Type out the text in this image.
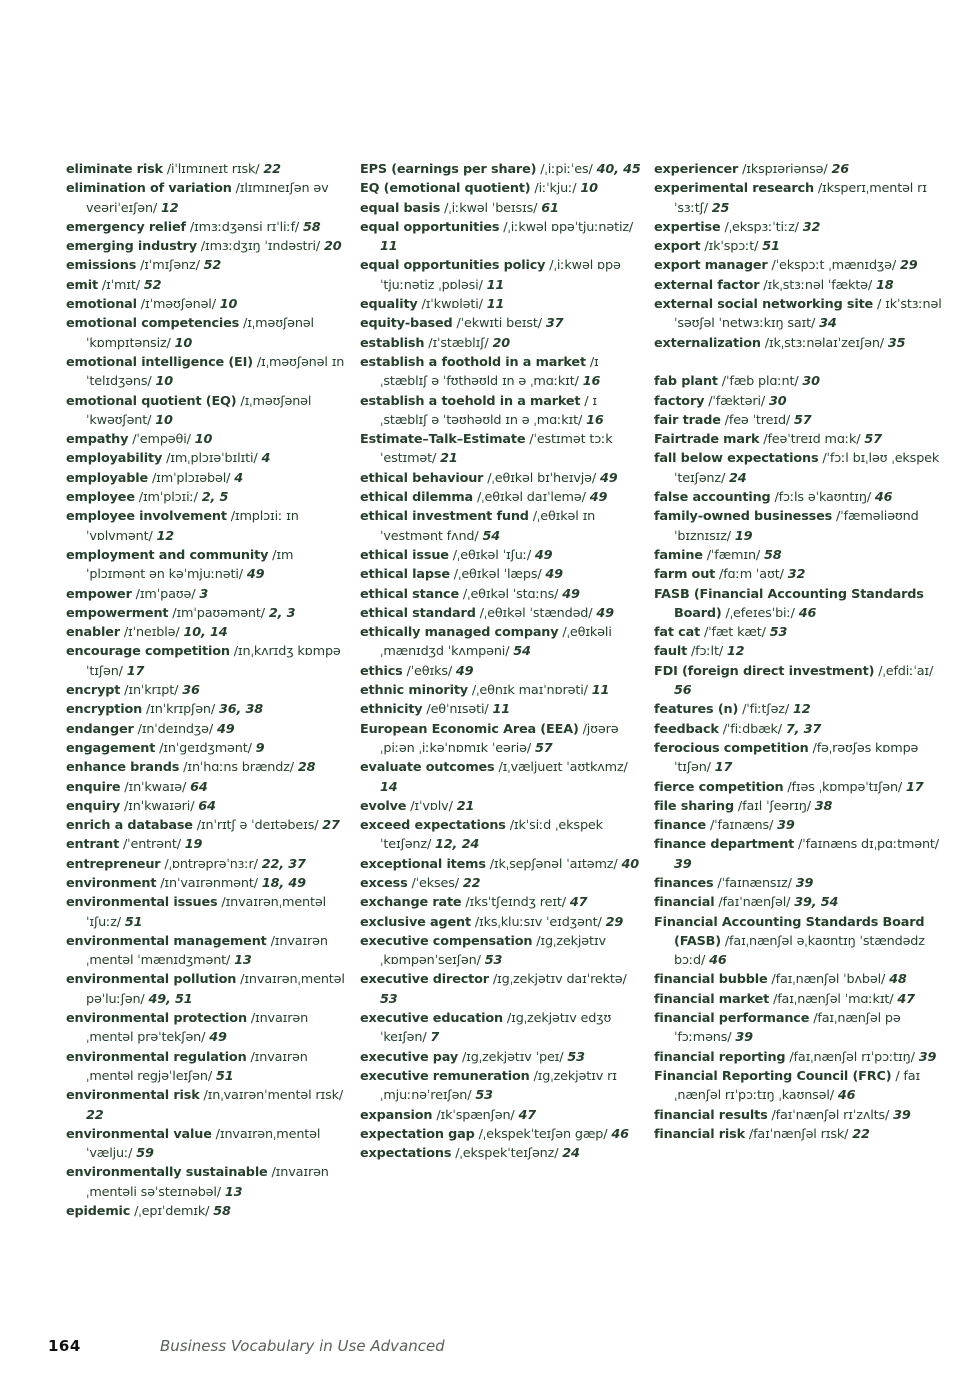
eliminate risk /iˈlɪmɪneɪt rɪsk/ 22

elimination of variation /ɪlɪmɪneɪʃən əv veəriˈeɪʃən/ 12

emergency relief /ɪmɜːdʒənsi rɪˈliːf/ 58

emerging industry /ɪmɜːdʒɪŋ ˈɪndəstri/ 20

emissions /ɪˈmɪʃənz/ 52

emit /ɪˈmɪt/ 52

emotional /ɪˈməʊʃənəl/ 10

emotional competencies /ɪˌməʊʃənəl ˈkɒmpɪtənsiz/ 10

emotional intelligence (EI) /ɪˌməʊʃənəl ɪnˈtelɪdʒəns/ 10

emotional quotient (EQ) /ɪˌməʊʃənəl ˈkwəʊʃənt/ 10

empathy /ˈempəθi/ 10

employability /ɪmˌplɔɪəˈbɪlɪti/ 4

employable /ɪmˈplɔɪəbəl/ 4

employee /ɪmˈplɔɪiː/ 2, 5

employee involvement /ɪmplɔɪiː ɪnˈvɒlvmənt/ 12

employment and community /ɪmˈplɔɪmənt ən kəˈmjuːnəti/ 49

empower /ɪmˈpaʊə/ 3

empowerment /ɪmˈpaʊəmənt/ 2, 3

enabler /ɪˈneɪblə/ 10, 14

encourage competition /ɪnˌkʌrɪdʒ kɒmpəˈtɪʃən/ 17

encrypt /ɪnˈkrɪpt/ 36

encryption /ɪnˈkrɪpʃən/ 36, 38

endanger /ɪnˈdeɪndʒə/ 49

engagement /ɪnˈgeɪdʒmənt/ 9

enhance brands /ɪnˈhɑːns brændz/ 28

enquire /ɪnˈkwaɪə/ 64

enquiry /ɪnˈkwaɪəri/ 64

enrich a database /ɪnˈrɪtʃ ə ˈdeɪtəbeɪs/ 27

entrant /ˈentrənt/ 19

entrepreneur /ˌɒntrəprəˈnɜːr/ 22, 37

environment /ɪnˈvaɪrənmənt/ 18, 49

environmental issues /ɪnvaɪrənˌmentəl ˈɪʃuːz/ 51

environmental management /ɪnvaɪrənˌmentəl ˈmænɪdʒmənt/ 13

environmental pollution /ɪnvaɪrənˌmentəl pəˈluːʃən/ 49, 51

environmental protection /ɪnvaɪrənˌmentəl prəˈtekʃən/ 49

environmental regulation /ɪnvaɪrənˌmentəl regjəˈleɪʃən/ 51

environmental risk /ɪnˌvaɪrənˈmentəl rɪsk/ 22

environmental value /ɪnvaɪrənˌmentəl ˈvæljuː/ 59

environmentally sustainable /ɪnvaɪrənˌmentəli səˈsteɪnəbəl/ 13

epidemic /ˌepɪˈdemɪk/ 58

EPS (earnings per share) /ˌiːpiːˈes/ 40, 45

EQ (emotional quotient) /iːˈkjuː/ 10

equal basis /ˌiːkwəl ˈbeɪsɪs/ 61

equal opportunities /ˌiːkwəl ɒpəˈtjuːnətiz/ 11

equal opportunities policy /ˌiːkwəl ɒpəˈtjuːnətiz ˌpɒləsi/ 11

equality /ɪˈkwɒləti/ 11

equity-based /ˈekwɪti beɪst/ 37

establish /ɪˈstæblɪʃ/ 20

establish a foothold in a market /ɪˌstæblɪʃ ə ˈfʊthəʊld ɪn ə ˌmɑːkɪt/ 16

establish a toehold in a market / ɪˌstæblɪʃ ə ˈtəʊhəʊld ɪn ə ˌmɑːkɪt/ 16

Estimate–Talk–Estimate /ˈestɪmət tɔːk ˈestɪmət/ 21

ethical behaviour /ˌeθɪkəl bɪˈheɪvjə/ 49

ethical dilemma /ˌeθɪkəl daɪˈlemə/ 49

ethical investment fund /ˌeθɪkəl ɪnˈvestmənt fʌnd/ 54

ethical issue /ˌeθɪkəl ˈɪʃuː/ 49

ethical lapse /ˌeθɪkəl ˈlæps/ 49

ethical stance /ˌeθɪkəl ˈstɑːns/ 49

ethical standard /ˌeθɪkəl ˈstændəd/ 49

ethically managed company /ˌeθɪkəli ˌmænɪdʒd ˈkʌmpəni/ 54

ethics /ˈeθɪks/ 49

ethnic minority /ˌeθnɪk maɪˈnɒrəti/ 11

ethnicity /eθˈnɪsəti/ 11

European Economic Area (EEA) /jʊərəˌpiːən ˌiːkəˈnɒmɪk ˈeəriə/ 57

evaluate outcomes /ɪˌvæljueɪt ˈaʊtkʌmz/ 14

evolve /ɪˈvɒlv/ 21

exceed expectations /ɪkˈsiːd ˌekspekˈteɪʃənz/ 12, 24

exceptional items /ɪkˌsepʃənəl ˈaɪtəmz/ 40

excess /ˈekses/ 22

exchange rate /ɪksˈtʃeɪndʒ reɪt/ 47

exclusive agent /ɪksˌkluːsɪv ˈeɪdʒənt/ 29

executive compensation /ɪgˌzekjətɪv ˌkɒmpənˈseɪʃən/ 53

executive director /ɪgˌzekjətɪv daɪˈrektə/ 53

executive education /ɪgˌzekjətɪv edʒʊˈkeɪʃən/ 7

executive pay /ɪgˌzekjətɪv ˈpeɪ/ 53

executive remuneration /ɪgˌzekjətɪv rɪˌmjuːnəˈreɪʃən/ 53

expansion /ɪkˈspænʃən/ 47

expectation gap /ˌekspekˈteɪʃən gæp/ 46

expectations /ˌekspekˈteɪʃənz/ 24

experiencer /ɪkspɪəriənsə/ 26

experimental research /ɪksperɪˌmentəl rɪˈsɜːtʃ/ 25

expertise /ˌekspɜːˈtiːz/ 32

export /ɪkˈspɔːt/ 51

export manager /ˈekspɔːt ˌmænɪdʒə/ 29

external factor /ɪkˌstɜːnəl ˈfæktə/ 18

external social networking site / ɪkˈstɜːnəl ˈsəʊʃəl ˈnetwɜːkɪŋ saɪt/ 34

externalization /ɪkˌstɜːnəlaɪˈzeɪʃən/ 35

fab plant /ˈfæb plɑːnt/ 30

factory /ˈfæktəri/ 30

fair trade /feə ˈtreɪd/ 57

Fairtrade mark /feəˈtreɪd mɑːk/ 57

fall below expectations /ˈfɔːl bɪˌləʊ ˌekspekˈteɪʃənz/ 24

false accounting /fɔːls əˈkaʊntɪŋ/ 46

family-owned businesses /ˈfæməliəʊnd ˈbɪznɪsɪz/ 19

famine /ˈfæmɪn/ 58

farm out /fɑːm ˈaʊt/ 32

FASB (Financial Accounting Standards Board) /ˌefeɪesˈbiː/ 46

fat cat /ˈfæt kæt/ 53

fault /fɔːlt/ 12

FDI (foreign direct investment) /ˌefdiːˈaɪ/ 56

features (n) /ˈfiːtʃəz/ 12

feedback /ˈfiːdbæk/ 7, 37

ferocious competition /fəˌrəʊʃəs kɒmpəˈtɪʃən/ 17

fierce competition /fɪəs ˌkɒmpəˈtɪʃən/ 17

file sharing /faɪl ˈʃeərɪŋ/ 38

finance /ˈfaɪnæns/ 39

finance department /ˈfaɪnæns dɪˌpɑːtmənt/ 39

finances /ˈfaɪnænsɪz/ 39

financial /faɪˈnænʃəl/ 39, 54

Financial Accounting Standards Board (FASB) /faɪˌnænʃəl əˌkaʊntɪŋ ˈstændədz bɔːd/ 46

financial bubble /faɪˌnænʃəl ˈbʌbəl/ 48

financial market /faɪˌnænʃəl ˈmɑːkɪt/ 47

financial performance /faɪˌnænʃəl pəˈfɔːməns/ 39

financial reporting /faɪˌnænʃəl rɪˈpɔːtɪŋ/ 39

Financial Reporting Council (FRC) / faɪˌnænʃəl rɪˈpɔːtɪŋ ˌkaʊnsəl/ 46

financial results /faɪˈnænʃəl rɪˈzʌlts/ 39

financial risk /faɪˈnænʃəl rɪsk/ 22

164	Business Vocabulary in Use Advanced
